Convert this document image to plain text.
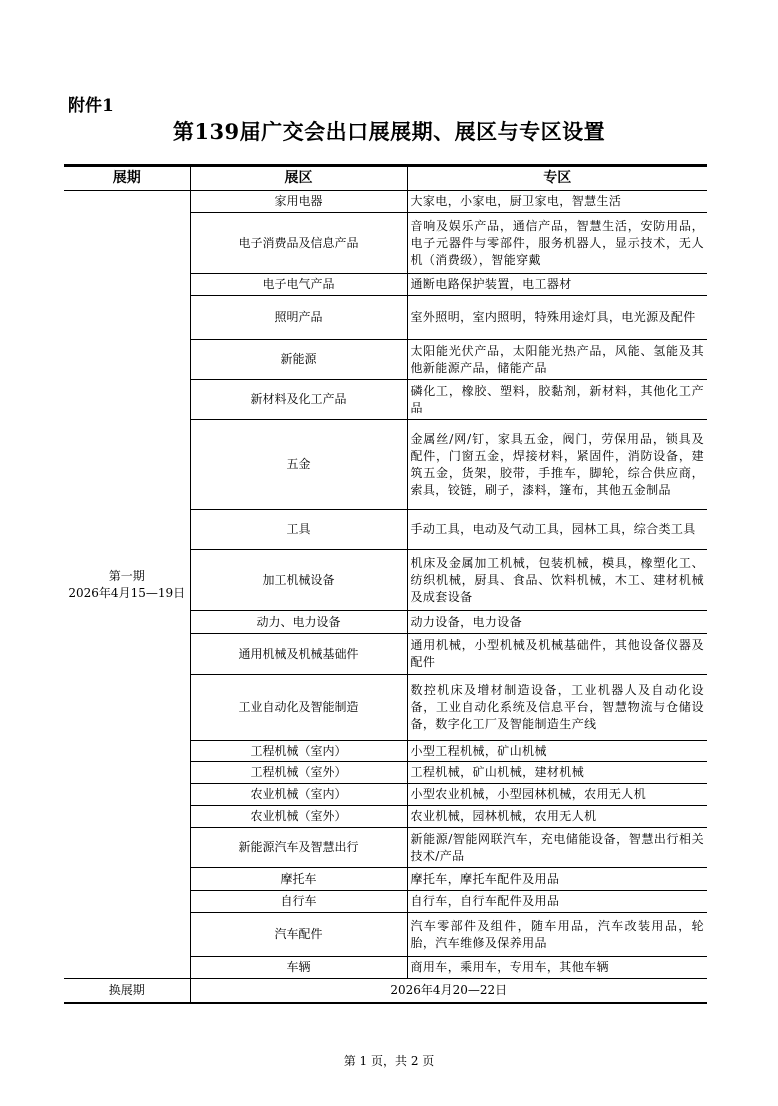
附件1
第139届广交会出口展展期、展区与专区设置
展期	展区	专区

第一期
2026年4月15—19日	家用电器	大家电，小家电，厨卫家电，智慧生活
	电子消费品及信息产品	音响及娱乐产品，通信产品，智慧生活，安防用品，电子元器件与零部件，服务机器人，显示技术，无人机（消费级），智能穿戴
	电子电气产品	通断电路保护装置，电工器材
	照明产品	室外照明，室内照明，特殊用途灯具，电光源及配件
	新能源	太阳能光伏产品，太阳能光热产品，风能、氢能及其他新能源产品，储能产品
	新材料及化工产品	磷化工，橡胶、塑料，胶黏剂，新材料，其他化工产品
	五金	金属丝/网/钉，家具五金，阀门，劳保用品，锁具及配件，门窗五金，焊接材料，紧固件，消防设备，建筑五金，货架，胶带，手推车，脚轮，综合供应商，索具，铰链，刷子，漆料，篷布，其他五金制品
	工具	手动工具，电动及气动工具，园林工具，综合类工具
	加工机械设备	机床及金属加工机械，包装机械，模具，橡塑化工、纺织机械，厨具、食品、饮料机械，木工、建材机械及成套设备
	动力、电力设备	动力设备，电力设备
	通用机械及机械基础件	通用机械，小型机械及机械基础件，其他设备仪器及配件
	工业自动化及智能制造	数控机床及增材制造设备，工业机器人及自动化设备，工业自动化系统及信息平台，智慧物流与仓储设备，数字化工厂及智能制造生产线
	工程机械（室内）	小型工程机械，矿山机械
	工程机械（室外）	工程机械，矿山机械，建材机械
	农业机械（室内）	小型农业机械，小型园林机械，农用无人机
	农业机械（室外）	农业机械，园林机械，农用无人机
	新能源汽车及智慧出行	新能源/智能网联汽车，充电储能设备，智慧出行相关技术/产品
	摩托车	摩托车，摩托车配件及用品
	自行车	自行车，自行车配件及用品
	汽车配件	汽车零部件及组件，随车用品，汽车改装用品，轮胎，汽车维修及保养用品
	车辆	商用车，乘用车，专用车，其他车辆
换展期	2026年4月20—22日	
第 1 页，共 2 页
